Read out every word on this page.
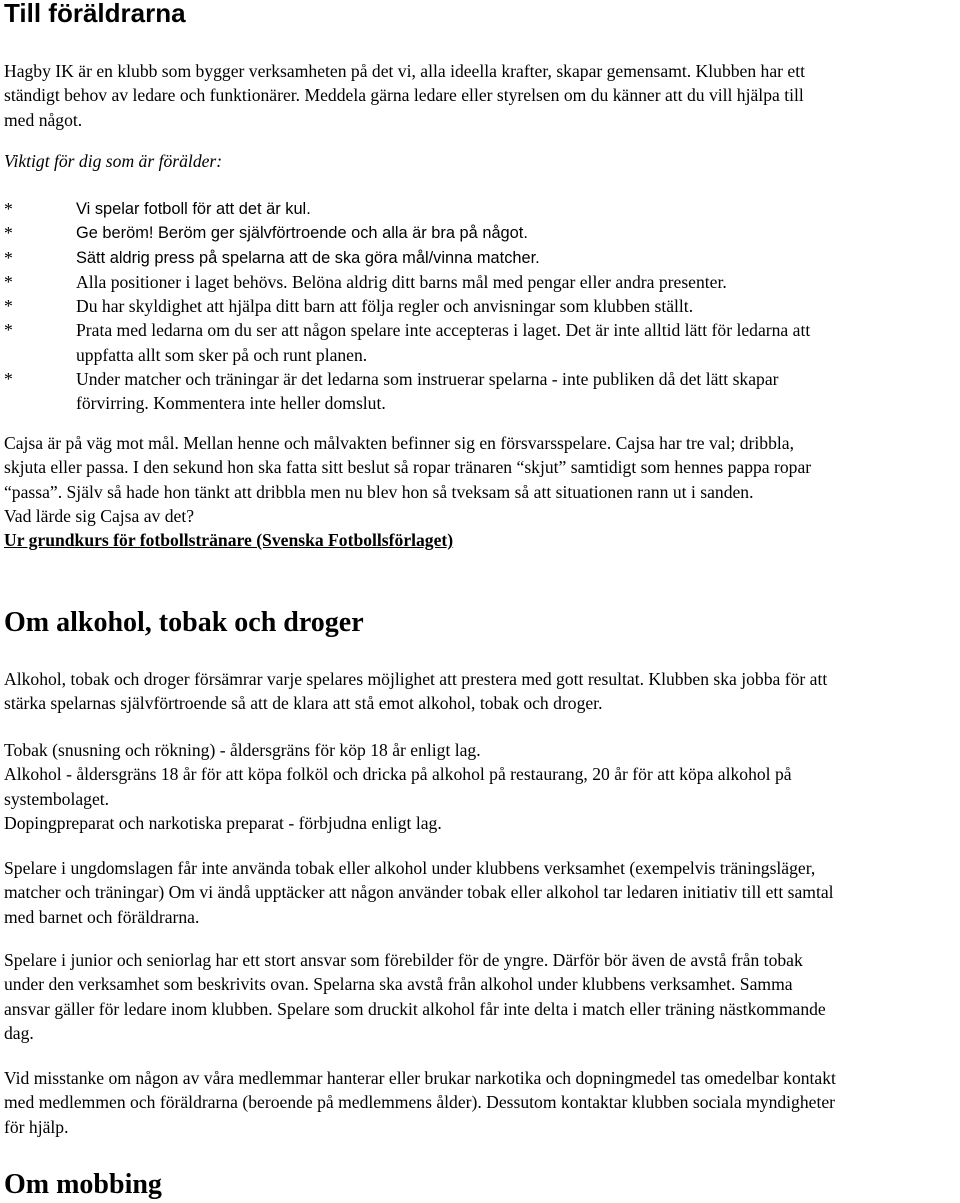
Till föräldrarna
Hagby IK är en klubb som bygger verksamheten på det vi, alla ideella krafter, skapar gemensamt. Klubben har ett
ständigt behov av ledare och funktionärer. Meddela gärna ledare eller styrelsen om du känner att du vill hjälpa till
med något.
Viktigt för dig som är förälder:
*	Vi spelar fotboll för att det är kul.
*	Ge beröm! Beröm ger självförtroende och alla är bra på något.
*	Sätt aldrig press på spelarna att de ska göra mål/vinna matcher.
*	Alla positioner i laget behövs. Belöna aldrig ditt barns mål med pengar eller andra presenter.
*	Du har skyldighet att hjälpa ditt barn att följa regler och anvisningar som klubben ställt.
*	Prata med ledarna om du ser att någon spelare inte accepteras i laget. Det är inte alltid lätt för ledarna att
uppfatta allt som sker på och runt planen.
*	Under matcher och träningar är det ledarna som instruerar spelarna - inte publiken då det lätt skapar
förvirring. Kommentera inte heller domslut.
Cajsa är på väg mot mål. Mellan henne och målvakten befinner sig en försvarsspelare. Cajsa har tre val; dribbla,
skjuta eller passa. I den sekund hon ska fatta sitt beslut så ropar tränaren “skjut” samtidigt som hennes pappa ropar
“passa”. Själv så hade hon tänkt att dribbla men nu blev hon så tveksam så att situationen rann ut i sanden.
Vad lärde sig Cajsa av det?
Ur grundkurs för fotbollstränare (Svenska Fotbollsförlaget)
Om alkohol, tobak och droger
Alkohol, tobak och droger försämrar varje spelares möjlighet att prestera med gott resultat. Klubben ska jobba för att
stärka spelarnas självförtroende så att de klara att stå emot alkohol, tobak och droger.
Tobak (snusning och rökning) - åldersgräns för köp 18 år enligt lag.
Alkohol - åldersgräns 18 år för att köpa folköl och dricka på alkohol på restaurang, 20 år för att köpa alkohol på
systembolaget.
Dopingpreparat och narkotiska preparat - förbjudna enligt lag.
Spelare i ungdomslagen får inte använda tobak eller alkohol under klubbens verksamhet (exempelvis träningsläger,
matcher och träningar) Om vi ändå upptäcker att någon använder tobak eller alkohol tar ledaren initiativ till ett samtal
med barnet och föräldrarna.
Spelare i junior och seniorlag har ett stort ansvar som förebilder för de yngre. Därför bör även de avstå från tobak
under den verksamhet som beskrivits ovan. Spelarna ska avstå från alkohol under klubbens verksamhet. Samma
ansvar gäller för ledare inom klubben. Spelare som druckit alkohol får inte delta i match eller träning nästkommande
dag.
Vid misstanke om någon av våra medlemmar hanterar eller brukar narkotika och dopningmedel tas omedelbar kontakt
med medlemmen och föräldrarna (beroende på medlemmens ålder). Dessutom kontaktar klubben sociala myndigheter
för hjälp.
Om mobbing
